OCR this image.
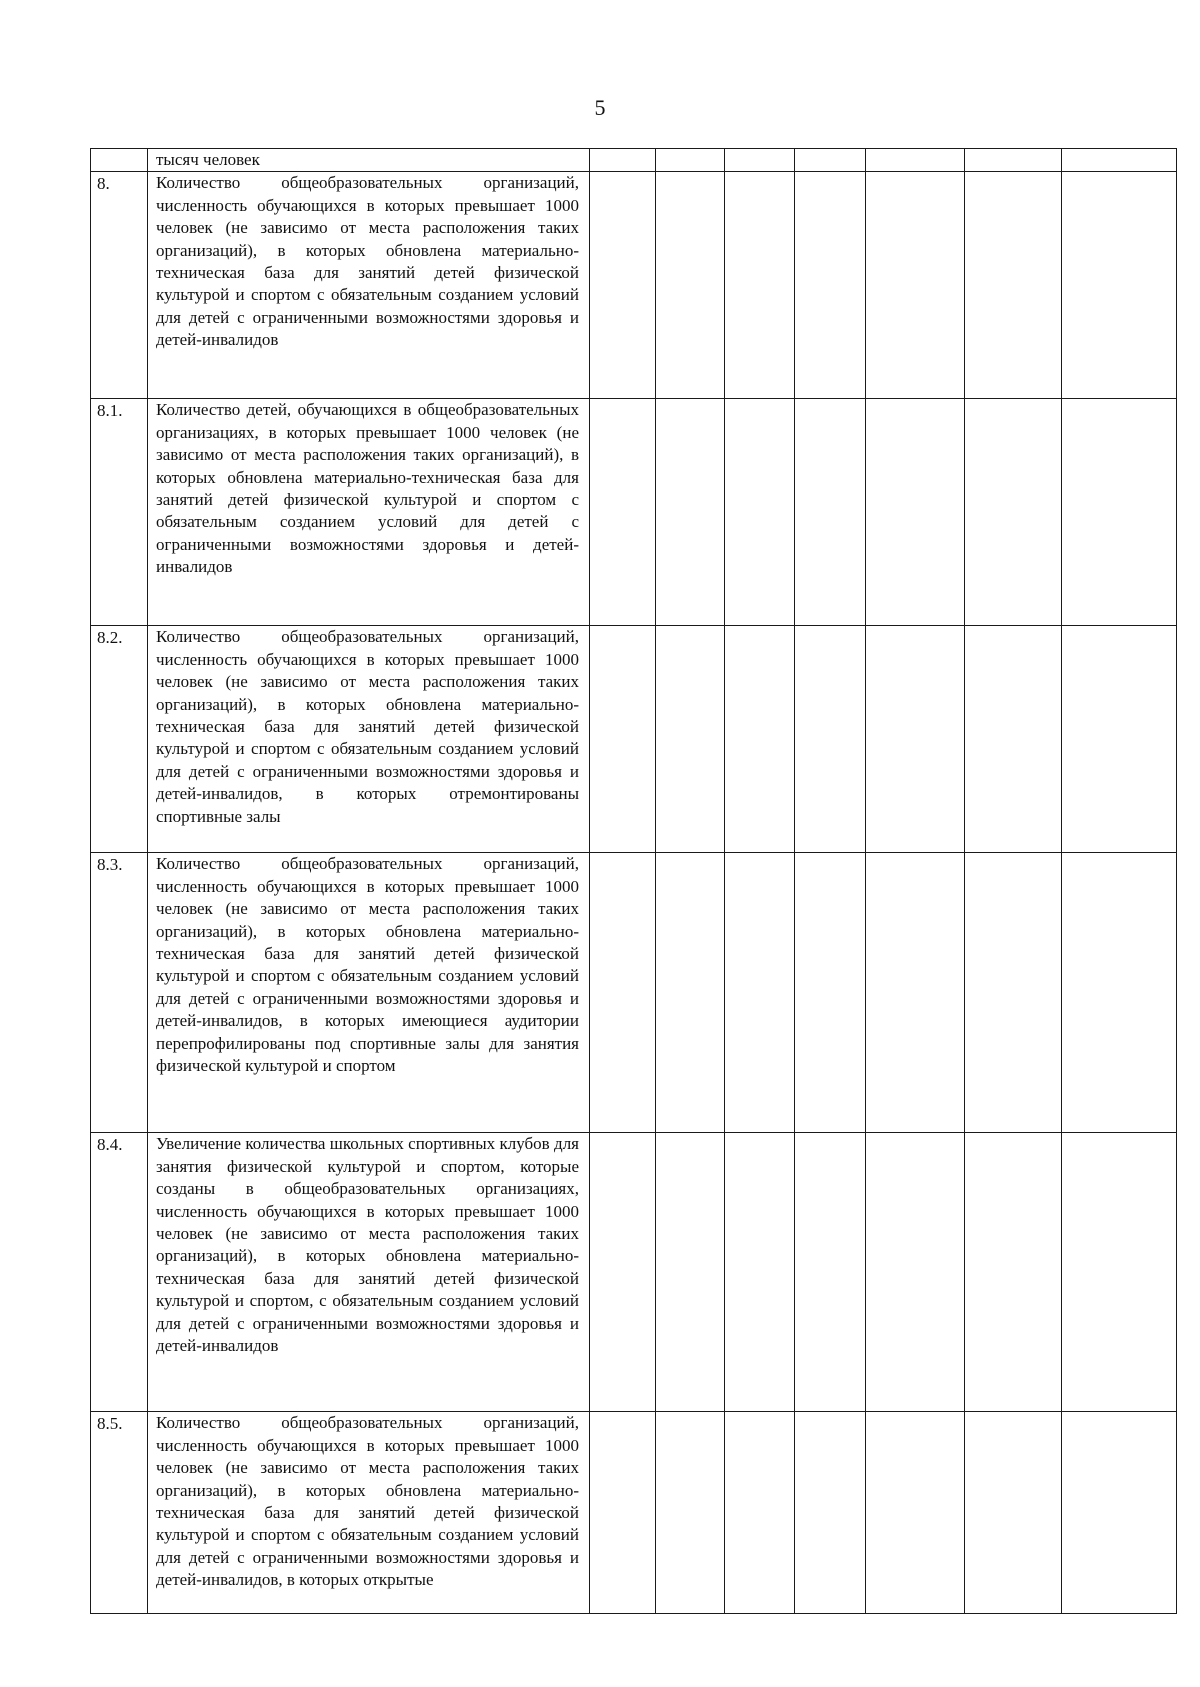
5
	тысяч человек							
8.	Количество общеобразовательных организаций, численность обучающихся в которых превышает 1000 человек (не зависимо от места расположения таких организаций), в которых обновлена материально-техническая база для занятий детей физической культурой и спортом с обязательным созданием условий для детей с ограниченными возможностями здоровья и детей-инвалидов							
8.1.	Количество детей, обучающихся в общеобразовательных организациях, в которых превышает 1000 человек (не зависимо от места расположения таких организаций), в которых обновлена материально-техническая база для занятий детей физической культурой и спортом с обязательным созданием условий для детей с ограниченными возможностями здоровья и детей-инвалидов							
8.2.	Количество общеобразовательных организаций, численность обучающихся в которых превышает 1000 человек (не зависимо от места расположения таких организаций), в которых обновлена материально-техническая база для занятий детей физической культурой и спортом с обязательным созданием условий для детей с ограниченными возможностями здоровья и детей-инвалидов, в которых отремонтированы спортивные залы							
8.3.	Количество общеобразовательных организаций, численность обучающихся в которых превышает 1000 человек (не зависимо от места расположения таких организаций), в которых обновлена материально-техническая база для занятий детей физической культурой и спортом с обязательным созданием условий для детей с ограниченными возможностями здоровья и детей-инвалидов, в которых имеющиеся аудитории перепрофилированы под спортивные залы для занятия физической культурой и спортом							
8.4.	Увеличение количества школьных спортивных клубов для занятия физической культурой и спортом, которые созданы в общеобразовательных организациях, численность обучающихся в которых превышает 1000 человек (не зависимо от места расположения таких организаций), в которых обновлена материально-техническая база для занятий детей физической культурой и спортом, с обязательным созданием условий для детей с ограниченными возможностями здоровья и детей-инвалидов							
8.5.	Количество общеобразовательных организаций, численность обучающихся в которых превышает 1000 человек (не зависимо от места расположения таких организаций), в которых обновлена материально-техническая база для занятий детей физической культурой и спортом с обязательным созданием условий для детей с ограниченными возможностями здоровья и детей-инвалидов, в которых открытые							
